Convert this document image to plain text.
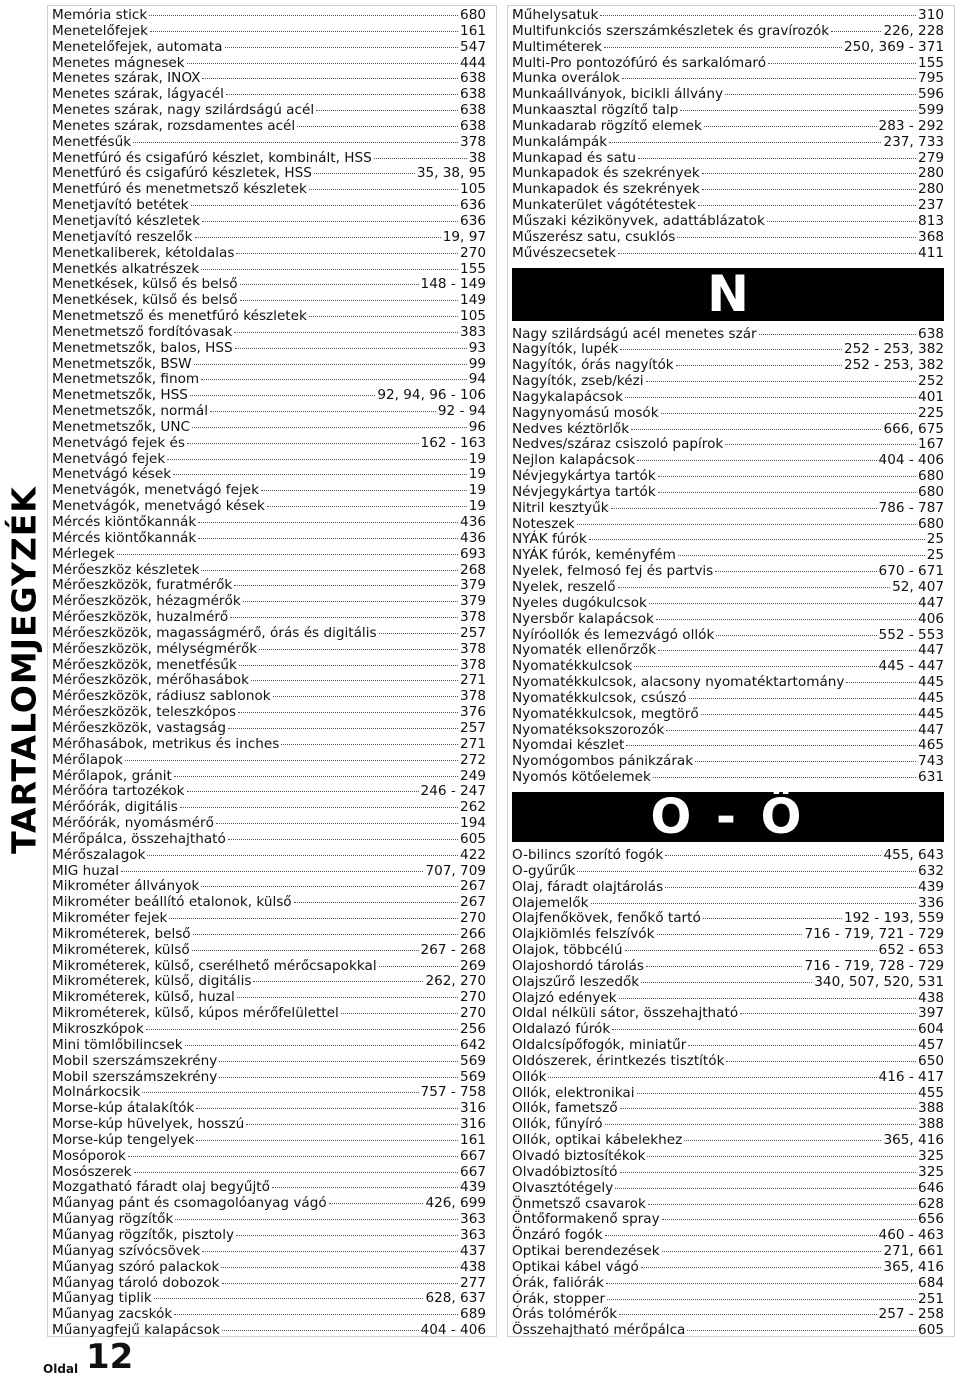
TARTALOMJEGYZÉK
Memória stick	680
Menetelőfejek	161
Menetelőfejek, automata	547
Menetes mágnesek	444
Menetes szárak, INOX	638
Menetes szárak, lágyacél	638
Menetes szárak, nagy szilárdságú acél	638
Menetes szárak, rozsdamentes acél	638
Menetfésűk	378
Menetfúró és csigafúró készlet, kombinált, HSS	38
Menetfúró és csigafúró készletek, HSS	35, 38, 95
Menetfúró és menetmetsző készletek	105
Menetjavító betétek	636
Menetjavító készletek	636
Menetjavító reszelők	19, 97
Menetkaliberek, kétoldalas	270
Menetkés alkatrészek	155
Menetkések, külső és belső	148 - 149
Menetkések, külső és belső	149
Menetmetsző és menetfúró készletek	105
Menetmetsző fordítóvasak	383
Menetmetszők, balos, HSS	93
Menetmetszők, BSW	99
Menetmetszők, finom	94
Menetmetszők, HSS	92, 94, 96 - 106
Menetmetszők, normál	92 - 94
Menetmetszők, UNC	96
Menetvágó fejek és	162 - 163
Menetvágó fejek	19
Menetvágó kések	19
Menetvágók, menetvágó fejek	19
Menetvágók, menetvágó kések	19
Mércés kiöntőkannák	436
Mércés kiöntőkannák	436
Mérlegek	693
Mérőeszköz készletek	268
Mérőeszközök, furatmérők	379
Mérőeszközök, hézagmérők	379
Mérőeszközök, huzalmérő	378
Mérőeszközök, magasságmérő, órás és digitális	257
Mérőeszközök, mélységmérők	378
Mérőeszközök, menetfésűk	378
Mérőeszközök, mérőhasábok	271
Mérőeszközök, rádiusz sablonok	378
Mérőeszközök, teleszkópos	376
Mérőeszközök, vastagság	257
Mérőhasábok, metrikus és inches	271
Mérőlapok	272
Mérőlapok, gránit	249
Mérőóra tartozékok	246 - 247
Mérőórák, digitális	262
Mérőórák, nyomásmérő	194
Mérőpálca, összehajtható	605
Mérőszalagok	422
MIG huzal	707, 709
Mikrométer állványok	267
Mikrométer beállító etalonok, külső	267
Mikrométer fejek	270
Mikrométerek, belső	266
Mikrométerek, külső	267 - 268
Mikrométerek, külső, cserélhető mérőcsapokkal	269
Mikrométerek, külső, digitális	262, 270
Mikrométerek, külső, huzal	270
Mikrométerek, külső, kúpos mérőfelülettel	270
Mikroszkópok	256
Mini tömlőbilincsek	642
Mobil szerszámszekrény	569
Mobil szerszámszekrény	569
Molnárkocsik	757 - 758
Morse-kúp átalakítók	316
Morse-kúp hüvelyek, hosszú	316
Morse-kúp tengelyek	161
Mosóporok	667
Mosószerek	667
Mozgatható fáradt olaj begyűjtő	439
Műanyag pánt és csomagolóanyag vágó	426, 699
Műanyag rögzítők	363
Műanyag rögzítők, pisztoly	363
Műanyag szívócsövek	437
Műanyag szóró palackok	438
Műanyag tároló dobozok	277
Műanyag tiplik	628, 637
Műanyag zacskók	689
Műanyagfejű kalapácsok	404 - 406
Műhelysatuk	310
Multifunkciós szerszámkészletek és gravírozók	226, 228
Multiméterek	250, 369 - 371
Multi-Pro pontozófúró és sarkalómaró	155
Munka overálok	795
Munkaállványok, bicikli állvány	596
Munkaasztal rögzítő talp	599
Munkadarab rögzítő elemek	283 - 292
Munkalámpák	237, 733
Munkapad és satu	279
Munkapadok és szekrények	280
Munkapadok és szekrények	280
Munkaterület vágótétestek	237
Műszaki kézikönyvek, adattáblázatok	813
Műszerész satu, csuklós	368
Művészecsetek	411
N
Nagy szilárdságú acél menetes szár	638
Nagyítók, lupék	252 - 253, 382
Nagyítók, órás nagyítók	252 - 253, 382
Nagyítók, zseb/kézi	252
Nagykalapácsok	401
Nagynyomású mosók	225
Nedves kéztörlők	666, 675
Nedves/száraz csiszoló papírok	167
Nejlon kalapácsok	404 - 406
Névjegykártya tartók	680
Névjegykártya tartók	680
Nitril kesztyűk	786 - 787
Noteszek	680
NYÁK fúrók	25
NYÁK fúrók, keményfém	25
Nyelek, felmosó fej és partvis	670 - 671
Nyelek, reszelő	52, 407
Nyeles dugókulcsok	447
Nyersbőr kalapácsok	406
Nyíróollók és lemezvágó ollók	552 - 553
Nyomaték ellenőrzők	447
Nyomatékkulcsok	445 - 447
Nyomatékkulcsok, alacsony nyomatéktartomány	445
Nyomatékkulcsok, csúszó	445
Nyomatékkulcsok, megtörő	445
Nyomatéksokszorozók	447
Nyomdai készlet	465
Nyomógombos pánikzárak	743
Nyomós kötőelemek	631
O - Ö
O-bilincs szorító fogók	455, 643
O-gyűrűk	632
Olaj, fáradt olajtárolás	439
Olajemelők	336
Olajfenőkövek, fenőkő tartó	192 - 193, 559
Olajkiömlés felszívók	716 - 719, 721 - 729
Olajok, többcélú	652 - 653
Olajoshordó tárolás	716 - 719, 728 - 729
Olajszűrő leszedők	340, 507, 520, 531
Olajzó edények	438
Oldal nélküli sátor, összehajtható	397
Oldalazó fúrók	604
Oldalcsípőfogók, miniatűr	457
Oldószerek, érintkezés tisztítók	650
Ollók	416 - 417
Ollók, elektronikai	455
Ollók, fametsző	388
Ollók, fűnyíró	388
Ollók, optikai kábelekhez	365, 416
Olvadó biztosítékok	325
Olvadóbiztosító	325
Olvasztótégely	646
Önmetsző csavarok	628
Öntőformakenő spray	656
Önzáró fogók	460 - 463
Optikai berendezések	271, 661
Optikai kábel vágó	365, 416
Órák, faliórák	684
Órák, stopper	251
Órás tolómérők	257 - 258
Összehajtható mérőpálca	605
Oldal 12
